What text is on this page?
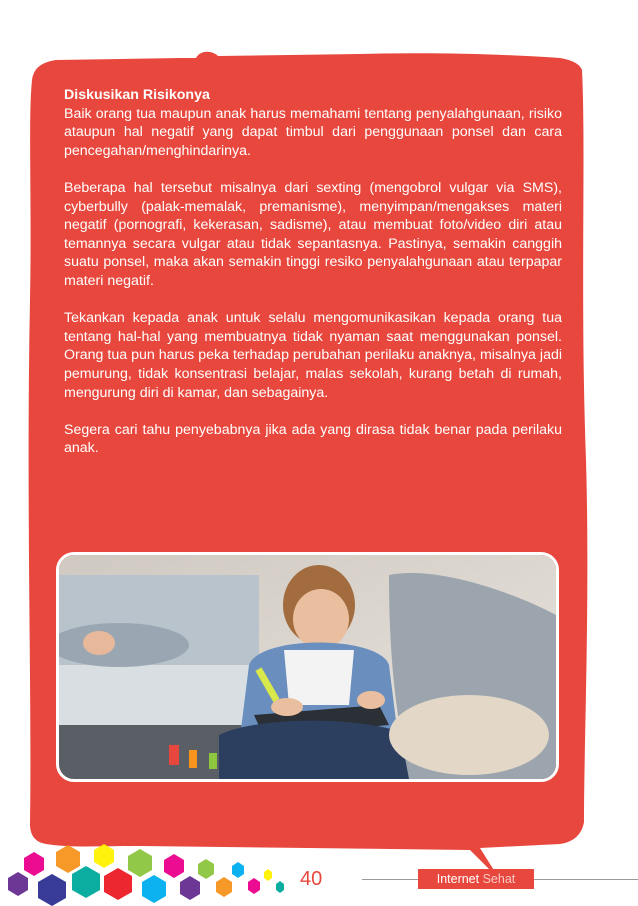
Diskusikan Risikonya

Baik orang tua maupun anak harus memahami tentang penyalahgunaan, risiko ataupun hal negatif yang dapat timbul dari penggunaan ponsel dan cara pencegahan/menghindarinya.

Beberapa hal tersebut misalnya dari sexting (mengobrol vulgar via SMS), cyberbully (palak-memalak, premanisme), menyimpan/mengakses materi negatif (pornografi, kekerasan, sadisme), atau membuat foto/video diri atau temannya secara vulgar atau tidak sepantasnya. Pastinya, semakin canggih suatu ponsel, maka akan semakin tinggi resiko penyalahgunaan atau terpapar materi negatif.

Tekankan kepada anak untuk selalu mengomunikasikan kepada orang tua tentang hal-hal yang membuatnya tidak nyaman saat menggunakan ponsel. Orang tua pun harus peka terhadap perubahan perilaku anaknya, misalnya jadi pemurung, tidak konsentrasi belajar, malas sekolah, kurang betah di rumah, mengurung diri di kamar, dan sebagainya.

Segera cari tahu penyebabnya jika ada yang dirasa tidak benar pada perilaku anak.

40	Internet Sehat
